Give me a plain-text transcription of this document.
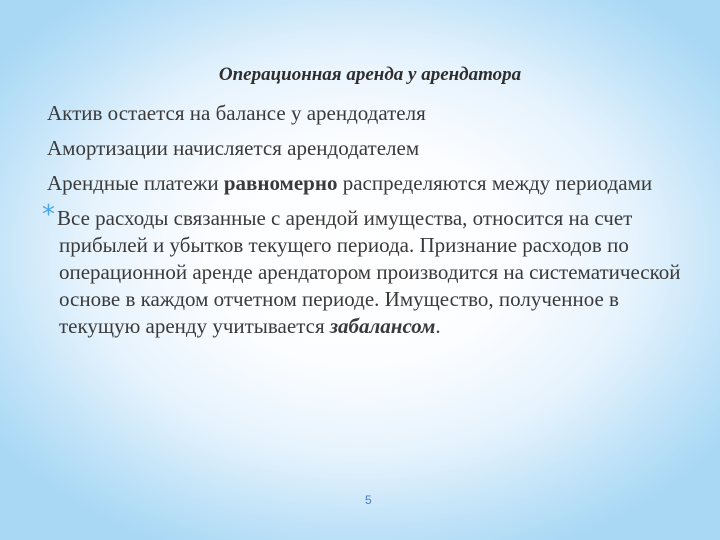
Операционная аренда у арендатора
Актив остается на балансе у арендодателя
Амортизации начисляется арендодателем
Арендные платежи равномерно распределяются между периодами
* Все расходы связанные с арендой имущества, относится на счет прибылей и убытков текущего периода. Признание расходов по операционной аренде арендатором производится на систематической основе в каждом отчетном периоде. Имущество, полученное в текущую аренду учитывается забалансом.
5
